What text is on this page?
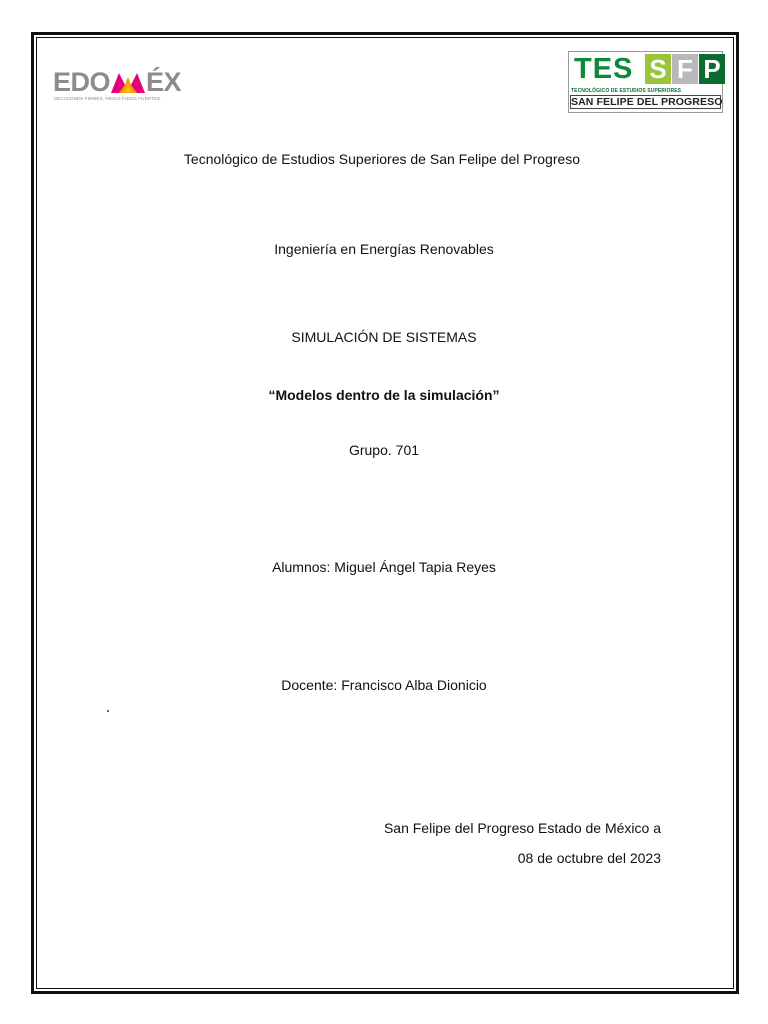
EDO ÉX
DECISIONES FIRMES, RESULTADOS FUERTES.
TES S F P
TECNOLÓGICO DE ESTUDIOS SUPERIORES
SAN FELIPE DEL PROGRESO
Tecnológico de Estudios Superiores de San Felipe del Progreso
Ingeniería en Energías Renovables
SIMULACIÓN DE SISTEMAS
“Modelos dentro de la simulación”
Grupo. 701
Alumnos: Miguel Ángel Tapia Reyes
Docente: Francisco Alba Dionicio
San Felipe del Progreso Estado de México a
08 de octubre del 2023
